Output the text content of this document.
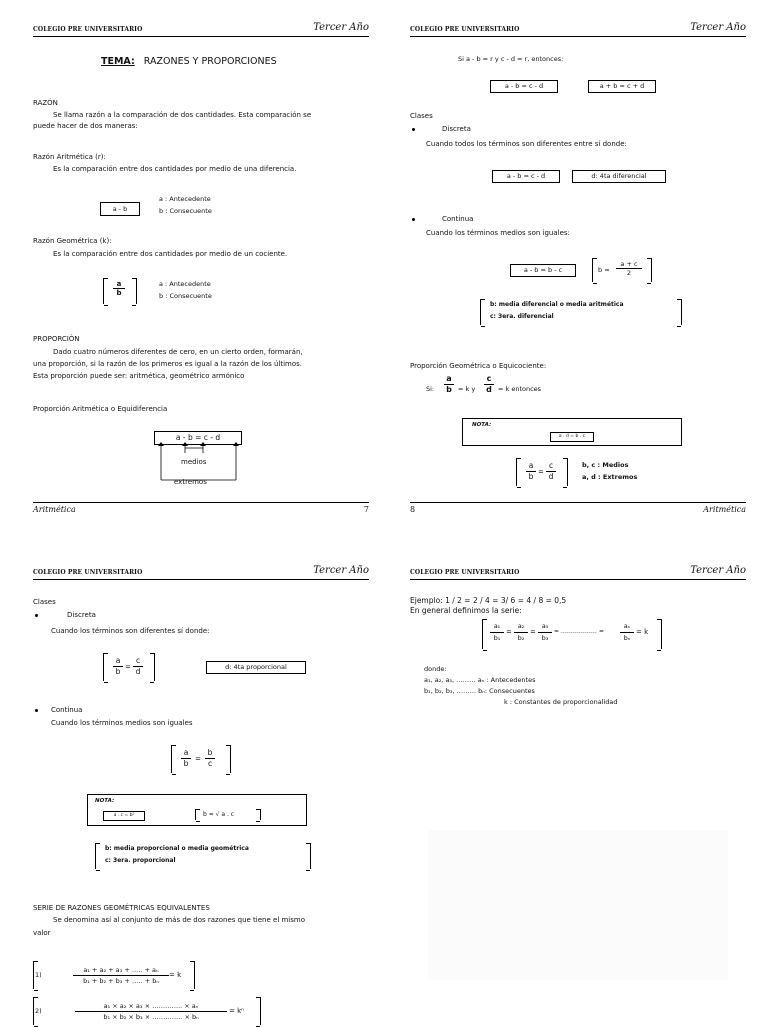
COLEGIO PRE UNIVERSITARIO	Tercer Año
TEMA: RAZONES Y PROPORCIONES
RAZÓN
Se llama razón a la comparación de dos cantidades. Esta comparación se
puede hacer de dos maneras:
Razón Aritmética (r):
Es la comparación entre dos cantidades por medio de una diferencia.
a - b
a : Antecedente
b : Consecuente
Razón Geométrica (k):
Es la comparación entre dos cantidades por medio de un cociente.
$\frac{a}{b}$	a : Antecedente
b : Consecuente
PROPORCIÓN
Dado cuatro números diferentes de cero, en un cierto orden, formarán,
una proporción, si la razón de los primeros es igual a la razón de los últimos.
Esta proporción puede ser: aritmética, geométrico armónico
Proporción Aritmética o Equidiferencia
a - b = c - d
medios
extremos
Aritmética	7
COLEGIO PRE UNIVERSITARIO	Tercer Año
Si a - b = r y c - d = r, entonces:
a - b = c - d	a + b = c + d
Clases
Discreta
Cuando todos los términos son diferentes entre sí donde:
a - b = c - d	d: 4ta diferencial
Continua
Cuando los términos medios son iguales:
a - b = b - c	$b = \frac{a + c}{2}$
b: media diferencial o media aritmética
c: 3era. diferencial
Proporción Geométrica o Equicociente:
Si: $\frac{a}{b} = k$ y $\frac{c}{d} = k$ entonces
NOTA:
a . d = b . c
$\frac{a}{b} = \frac{c}{d}$	b, c : Medios
a, d : Extremos
Aritmética
8
COLEGIO PRE UNIVERSITARIO	Tercer Año
Clases
Discreta
Cuando los términos son diferentes sí donde:
$\frac{a}{b} = \frac{c}{d}$	d: 4ta proporcional
Continua
Cuando los términos medios son iguales
$\frac{a}{b} = \frac{b}{c}$
NOTA:
a . c = b²	b = √ a . c
b: media proporcional o media geométrica
c: 3era. proporcional
SERIE DE RAZONES GEOMÉTRICAS EQUIVALENTES
Se denomina así al conjunto de más de dos razones que tiene el mismo
valor
1)	$\frac{\text{a₁ + a₂ + a₃ + ….. + aₙ}}{\text{b₁ + b₂ + b₃ + ….. + bₙ}} = k$
2)	$\frac{\text{a₁ × a₂ × a₃ × ………….. × aₙ}}{\text{b₁ × b₂ × b₃ × ………….. × bₙ}} = k^n$
COLEGIO PRE UNIVERSITARIO	Tercer Año
Ejemplo: 1 / 2 = 2 / 4 = 3/ 6 = 4 / 8 = 0,5
En general definimos la serie:
$\frac{\text{a₁}}{\text{b₁}} = \frac{\text{a₂}}{\text{b₂}} = \frac{\text{a₃}}{\text{b₃}}$ = ……………… = $\frac{\text{aₙ}}{\text{bₙ}} = k$
donde:
a₁, a₂, a₃, ……… aₙ : Antecedentes
b₁, b₂, b₃, ……… bₙ: Consecuentes
k : Constantes de proporcionalidad
